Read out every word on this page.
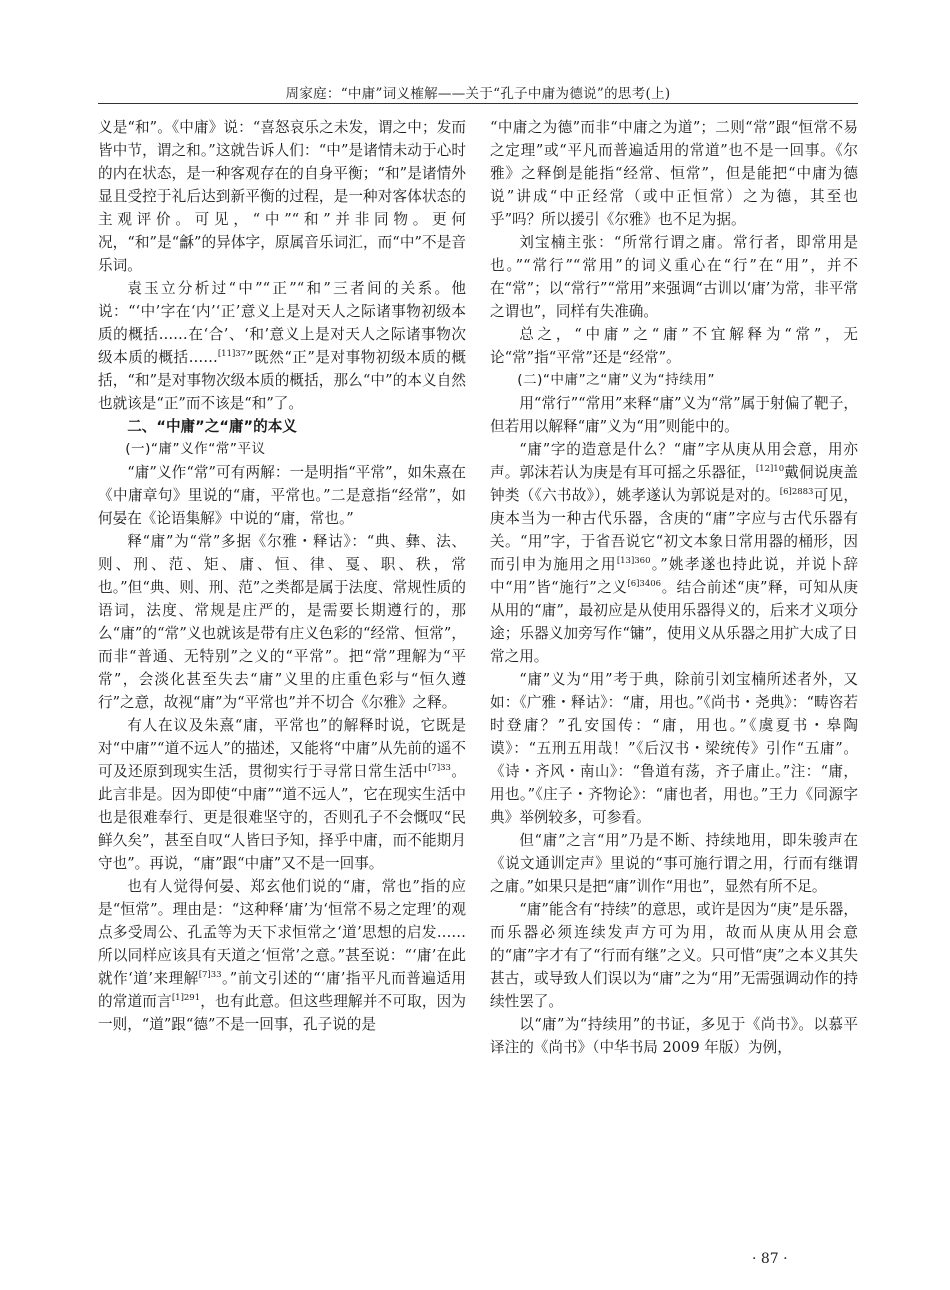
周家庭：“中庸”词义榷解——关于“孔子中庸为德说”的思考(上)

义是“和”。《中庸》说：“喜怒哀乐之未发，谓之中；发而皆中节，谓之和。”这就告诉人们：“中”是诸情未动于心时的内在状态，是一种客观存在的自身平衡；“和”是诸情外显且受控于礼后达到新平衡的过程，是一种对客体状态的主观评价。可见，“中”“和”并非同物。更何况，“和”是“龢”的异体字，原属音乐词汇，而“中”不是音乐词。

袁玉立分析过“中”“正”“和”三者间的关系。他说：“‘中’字在‘内’‘正’意义上是对天人之际诸事物初级本质的概括……在‘合’、‘和’意义上是对天人之际诸事物次级本质的概括……$^{[11]37}$”既然“正”是对事物初级本质的概括，“和”是对事物次级本质的概括，那么“中”的本义自然也就该是“正”而不该是“和”了。

二、“中庸”之“庸”的本义
(一)“庸”义作“常”平议

“庸”义作“常”可有两解：一是明指“平常”，如朱熹在《中庸章句》里说的“庸，平常也。”二是意指“经常”，如何晏在《论语集解》中说的“庸，常也。”

释“庸”为“常”多据《尔雅・释诂》：“典、彝、法、则、刑、范、矩、庸、恒、律、戛、职、秩，常也。”但“典、则、刑、范”之类都是属于法度、常规性质的语词，法度、常规是庄严的，是需要长期遵行的，那么“庸”的“常”义也就该是带有庄义色彩的“经常、恒常”，而非“普通、无特别”之义的“平常”。把“常”理解为“平常”，会淡化甚至失去“庸”义里的庄重色彩与“恒久遵行”之意，故视“庸”为“平常也”并不切合《尔雅》之释。

有人在议及朱熹“庸，平常也”的解释时说，它既是对“中庸”“道不远人”的描述，又能将“中庸”从先前的遥不可及还原到现实生活，贯彻实行于寻常日常生活中$^{[7]33}$。此言非是。因为即使“中庸”“道不远人”，它在现实生活中也是很难奉行、更是很难坚守的，否则孔子不会慨叹“民鲜久矣”，甚至自叹“人皆曰予知，择乎中庸，而不能期月守也”。再说，“庸”跟“中庸”又不是一回事。

也有人觉得何晏、郑玄他们说的“庸，常也”指的应是“恒常”。理由是：“这种释‘庸’为‘恒常不易之定理’的观点多受周公、孔孟等为天下求恒常之‘道’思想的启发……所以同样应该具有天道之‘恒常’之意。”甚至说：“‘庸’在此就作‘道’来理解$^{[7]33}$。”前文引述的“‘庸’指平凡而普遍适用的常道而言$^{[1]291}$，也有此意。但这些理解并不可取，因为一则，“道”跟“德”不是一回事，孔子说的是

“中庸之为德”而非“中庸之为道”；二则“常”跟“恒常不易之定理”或“平凡而普遍适用的常道”也不是一回事。《尔雅》之释倒是能指“经常、恒常”，但是能把“中庸为德说”讲成“中正经常（或中正恒常）之为德，其至也乎”吗？所以援引《尔雅》也不足为据。

刘宝楠主张：“所常行谓之庸。常行者，即常用是也。”“常行”“常用”的词义重心在“行”在“用”，并不在“常”；以“常行”“常用”来强调“古训以‘庸’为常，非平常之谓也”，同样有失准确。

总之，“中庸”之“庸”不宜解释为“常”，无论“常”指“平常”还是“经常”。

(二)“中庸”之“庸”义为“持续用”

用“常行”“常用”来释“庸”义为“常”属于射偏了靶子，但若用以解释“庸”义为“用”则能中的。

“庸”字的造意是什么？“庸”字从庚从用会意，用亦声。郭沫若认为庚是有耳可摇之乐器征，$^{[12]10}$戴侗说庚盖钟类（《六书故》），姚孝遂认为郭说是对的。$^{[6]2883}$可见，庚本当为一种古代乐器，含庚的“庸”字应与古代乐器有关。“用”字，于省吾说它“初文本象日常用器的桶形，因而引申为施用之用$^{[13]360}$。”姚孝遂也持此说，并说卜辞中“用”皆“施行”之义$^{[6]3406}$。结合前述“庚”释，可知从庚从用的“庸”，最初应是从使用乐器得义的，后来才义项分途；乐器义加旁写作“镛”，使用义从乐器之用扩大成了日常之用。

“庸”义为“用”考于典，除前引刘宝楠所述者外，又如：《广雅・释诂》：“庸，用也。”《尚书・尧典》：“畴咨若时登庸？”孔安国传：“庸，用也。”《虞夏书・皋陶谟》：“五刑五用哉！”《后汉书・梁统传》引作“五庸”。《诗・齐风・南山》：“鲁道有荡，齐子庸止。”注：“庸，用也。”《庄子・齐物论》：“庸也者，用也。”王力《同源字典》举例较多，可参看。

但“庸”之言“用”乃是不断、持续地用，即朱骏声在《说文通训定声》里说的“事可施行谓之用，行而有继谓之庸。”如果只是把“庸”训作“用也”，显然有所不足。

“庸”能含有“持续”的意思，或许是因为“庚”是乐器，而乐器必须连续发声方可为用，故而从庚从用会意的“庸”字才有了“行而有继”之义。只可惜“庚”之本义其失甚古，或导致人们误以为“庸”之为“用”无需强调动作的持续性罢了。

以“庸”为“持续用”的书证，多见于《尚书》。以慕平译注的《尚书》（中华书局 2009 年版）为例，

· 87 ·
